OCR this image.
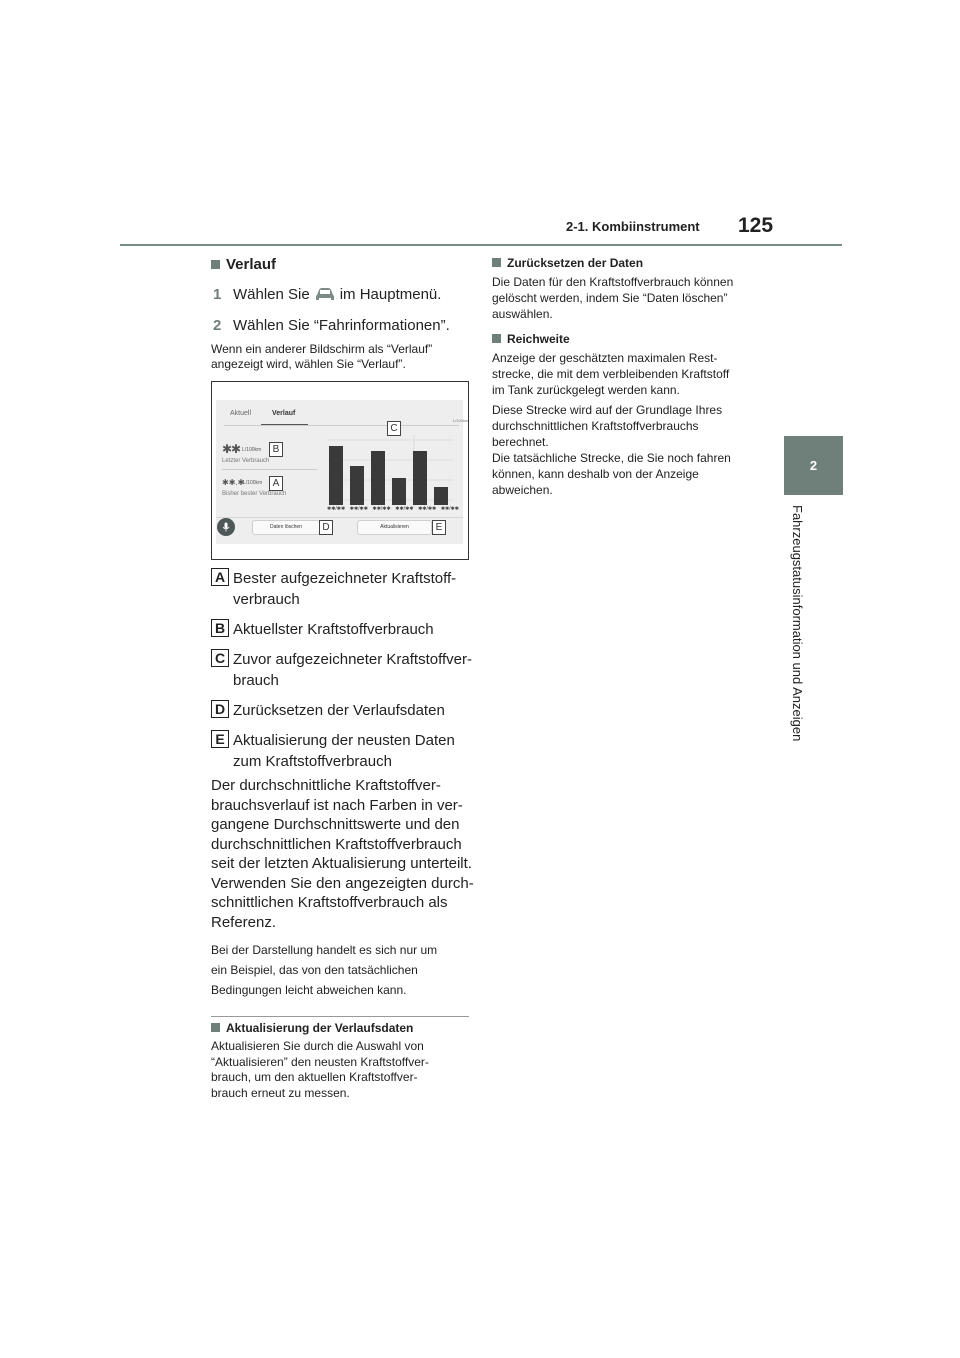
2-1. Kombiinstrument 125
2
Fahrzeugstatusinformation und Anzeigen
Verlauf
1 Wählen Sie im Hauptmenü.
2 Wählen Sie “Fahrinformationen”.
Wenn ein anderer Bildschirm als “Verlauf”
angezeigt wird, wählen Sie “Verlauf”.
Aktuell	Verlauf
L/100km
✱✱ L/100km
Letzter Verbrauch
✱✱.✱
L/100km
Bisher bester Verbrauch
✱✱/✱✱ ✱✱/✱✱ ✱✱/✱✱ ✱✱/✱✱ ✱✱/✱✱ ✱✱/✱✱
Daten löschen	Aktualisieren
C
B
A
D	E
A Bester aufgezeichneter Kraftstoff-
verbrauch
B Aktuellster Kraftstoffverbrauch
C Zuvor aufgezeichneter Kraftstoffver-
brauch
D Zurücksetzen der Verlaufsdaten
E Aktualisierung der neusten Daten
zum Kraftstoffverbrauch
Der durchschnittliche Kraftstoffver-
brauchsverlauf ist nach Farben in ver-
gangene Durchschnittswerte und den
durchschnittlichen Kraftstoffverbrauch
seit der letzten Aktualisierung unterteilt.
Verwenden Sie den angezeigten durch-
schnittlichen Kraftstoffverbrauch als
Referenz.
Bei der Darstellung handelt es sich nur um
ein Beispiel, das von den tatsächlichen
Bedingungen leicht abweichen kann.
Aktualisierung der Verlaufsdaten
Aktualisieren Sie durch die Auswahl von
“Aktualisieren” den neusten Kraftstoffver-
brauch, um den aktuellen Kraftstoffver-
brauch erneut zu messen.
Zurücksetzen der Daten
Die Daten für den Kraftstoffverbrauch können
gelöscht werden, indem Sie “Daten löschen”
auswählen.
Reichweite
Anzeige der geschätzten maximalen Rest-
strecke, die mit dem verbleibenden Kraftstoff
im Tank zurückgelegt werden kann.
Diese Strecke wird auf der Grundlage Ihres
durchschnittlichen Kraftstoffverbrauchs
berechnet.
Die tatsächliche Strecke, die Sie noch fahren
können, kann deshalb von der Anzeige
abweichen.
